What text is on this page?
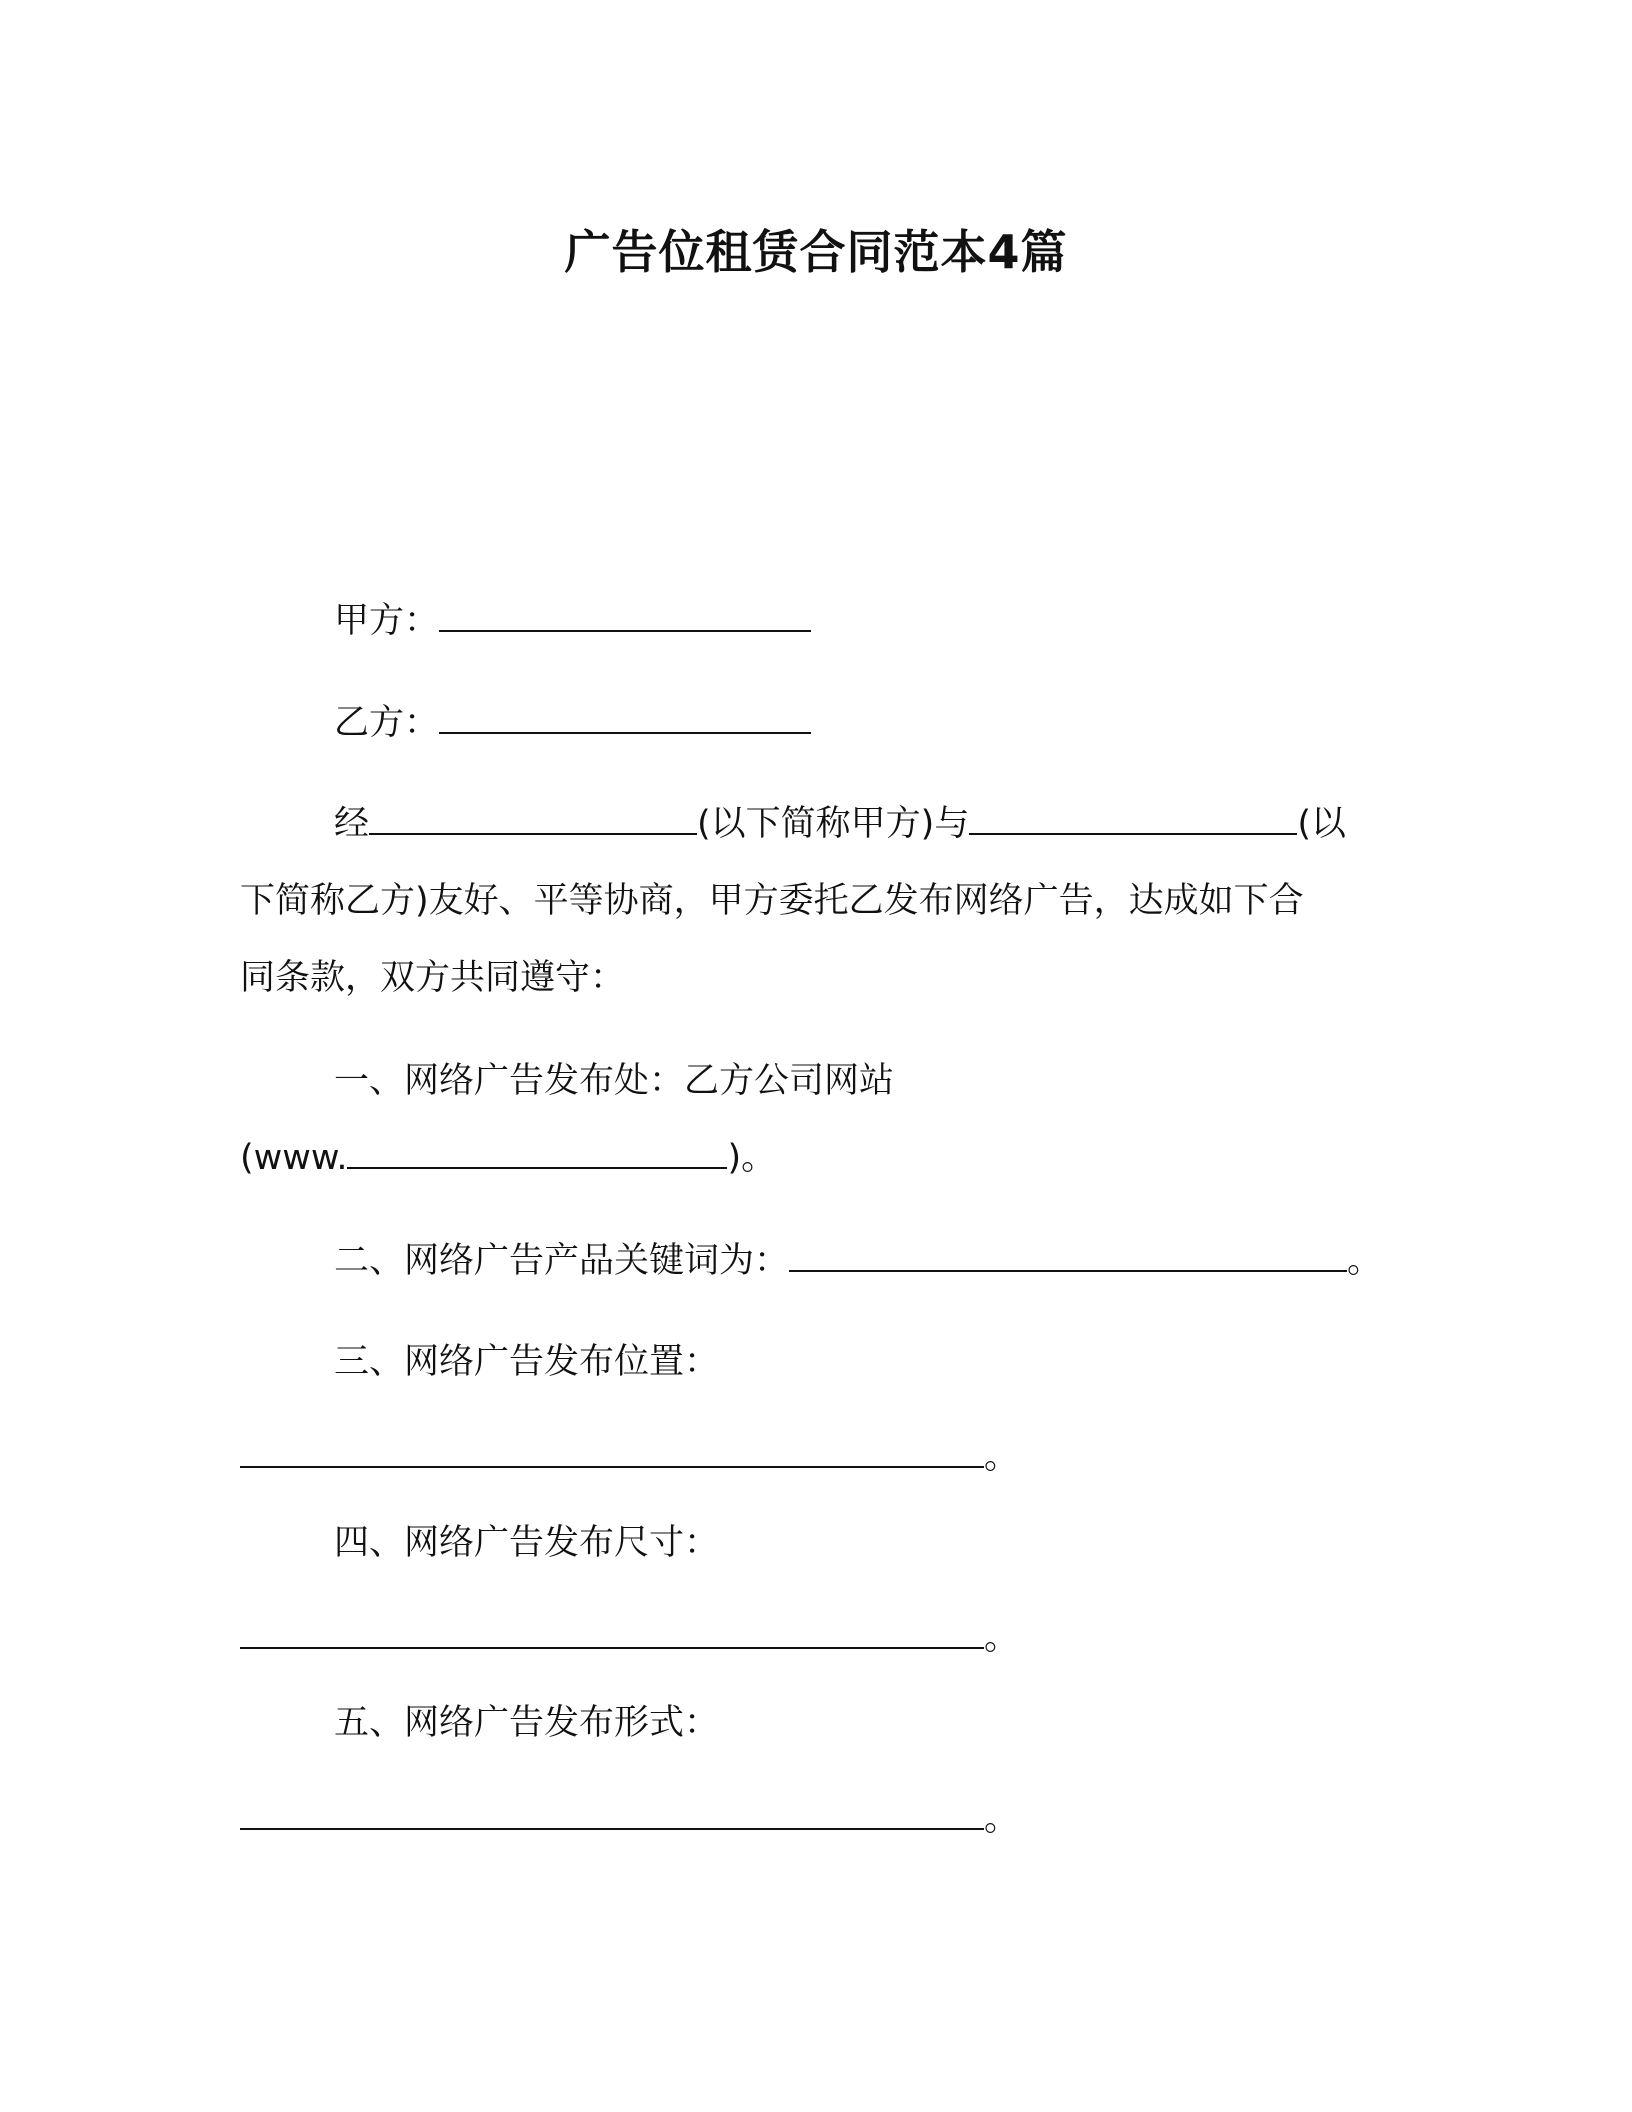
广告位租赁合同范本4篇
甲方：
乙方：
经	(以下简称甲方)与	(以
下简称乙方)友好、平等协商，甲方委托乙发布网络广告，达成如下合
同条款，双方共同遵守：
一、网络广告发布处：乙方公司网站
(www.	)。
二、网络广告产品关键词为：	。
三、网络广告发布位置：
。
四、网络广告发布尺寸：
。
五、网络广告发布形式：
。
